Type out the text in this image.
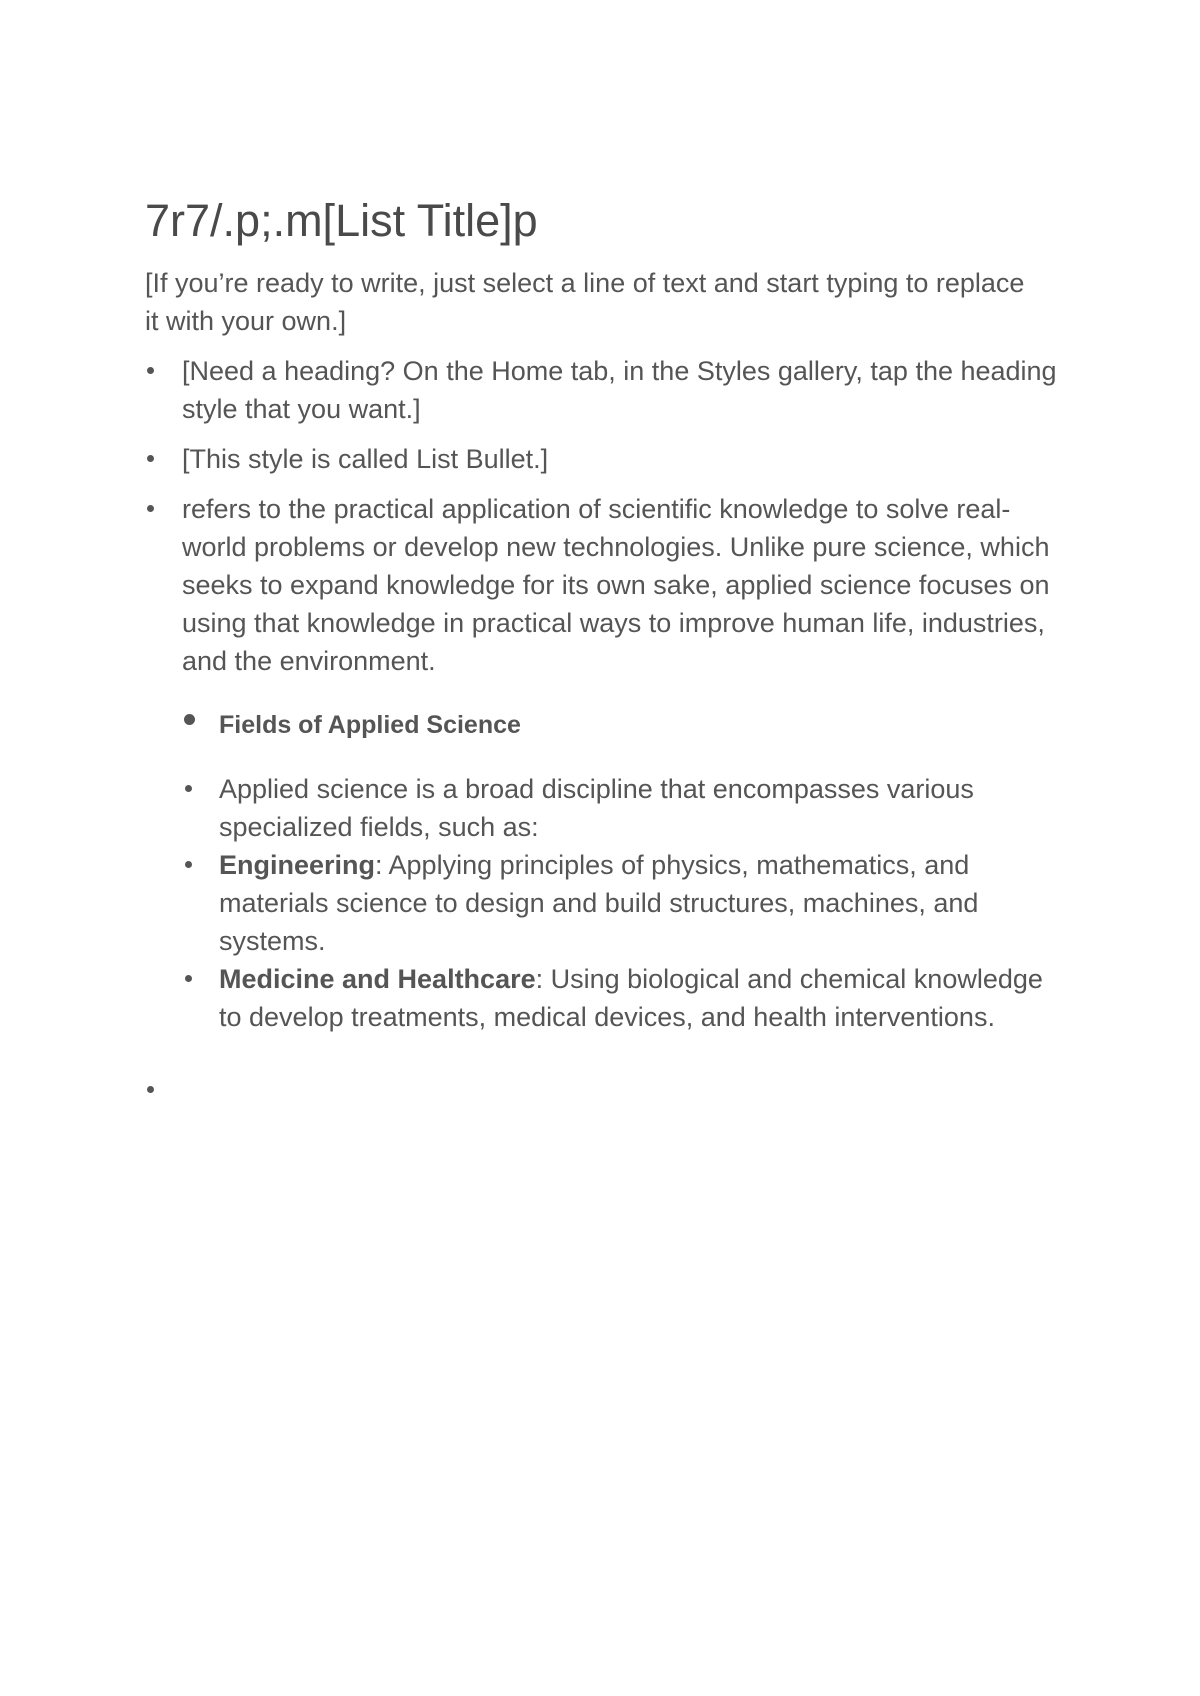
7r7/.p;.m[List Title]p
[If you’re ready to write, just select a line of text and start typing to replace it with your own.]
[Need a heading? On the Home tab, in the Styles gallery, tap the heading style that you want.]
[This style is called List Bullet.]
refers to the practical application of scientific knowledge to solve real-world problems or develop new technologies. Unlike pure science, which seeks to expand knowledge for its own sake, applied science focuses on using that knowledge in practical ways to improve human life, industries, and the environment.
Fields of Applied Science
Applied science is a broad discipline that encompasses various specialized fields, such as:
Engineering: Applying principles of physics, mathematics, and materials science to design and build structures, machines, and systems.
Medicine and Healthcare: Using biological and chemical knowledge to develop treatments, medical devices, and health interventions.
